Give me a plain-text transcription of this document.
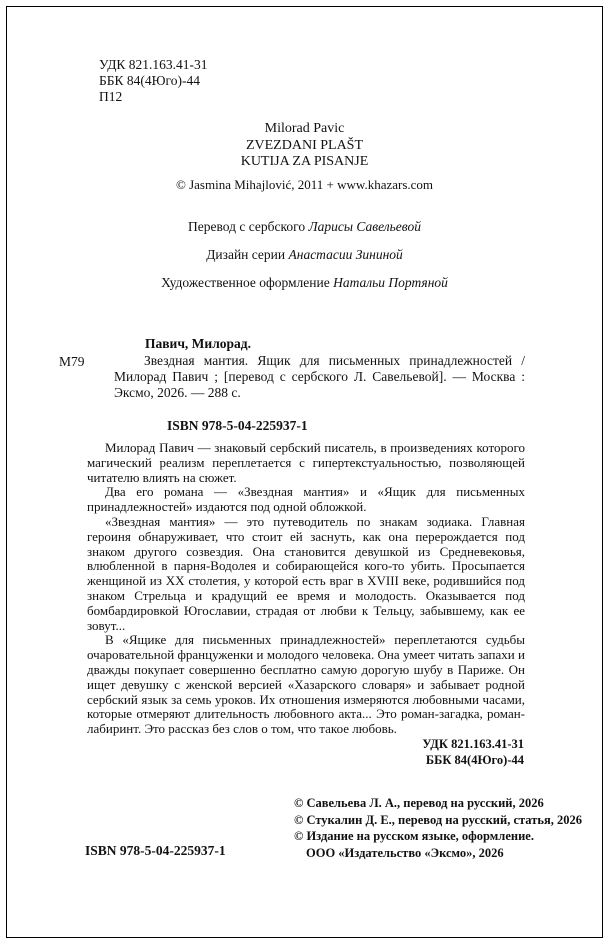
УДК 821.163.41-31
ББК 84(4Юго)-44
П12
Milorad Pavic
ZVEZDANI PLAŠT
KUTIJA ZA PISANJE
© Jasmina Mihajlović, 2011 + www.khazars.com

Перевод с сербского Ларисы Савельевой

Дизайн серии Анастасии Зининой

Художественное оформление Натальи Портяной

Павич, Милорад.
М79	Звездная мантия. Ящик для письменных принадлежностей / Милорад Павич ; [перевод с сербского Л. Савельевой]. — Москва : Эксмо, 2026. — 288 с.

ISBN 978-5-04-225937-1

Милорад Павич — знаковый сербский писатель, в произведениях которого магический реализм переплетается с гипертекстуальностью, позволяющей читателю влиять на сюжет.

Два его романа — «Звездная мантия» и «Ящик для письменных принадлежностей» издаются под одной обложкой.

«Звездная мантия» — это путеводитель по знакам зодиака. Главная героиня обнаруживает, что стоит ей заснуть, как она перерождается под знаком другого созвездия. Она становится девушкой из Средневековья, влюбленной в парня-Водолея и собирающейся кого-то убить. Просыпается женщиной из XX столетия, у которой есть враг в XVIII веке, родившийся под знаком Стрельца и крадущий ее время и молодость. Оказывается под бомбардировкой Югославии, страдая от любви к Тельцу, забывшему, как ее зовут...

В «Ящике для письменных принадлежностей» переплетаются судьбы очаровательной француженки и молодого человека. Она умеет читать запахи и дважды покупает совершенно бесплатно самую дорогую шубу в Париже. Он ищет девушку с женской версией «Хазарского словаря» и забывает родной сербский язык за семь уроков. Их отношения измеряются любовными часами, которые отмеряют длительность любовного акта... Это роман-загадка, роман-лабиринт. Это рассказ без слов о том, что такое любовь.

УДК 821.163.41-31
ББК 84(4Юго)-44
© Савельева Л. А., перевод на русский, 2026
© Стукалин Д. Е., перевод на русский, статья, 2026
© Издание на русском языке, оформление.
ООО «Издательство «Эксмо», 2026
ISBN 978-5-04-225937-1
